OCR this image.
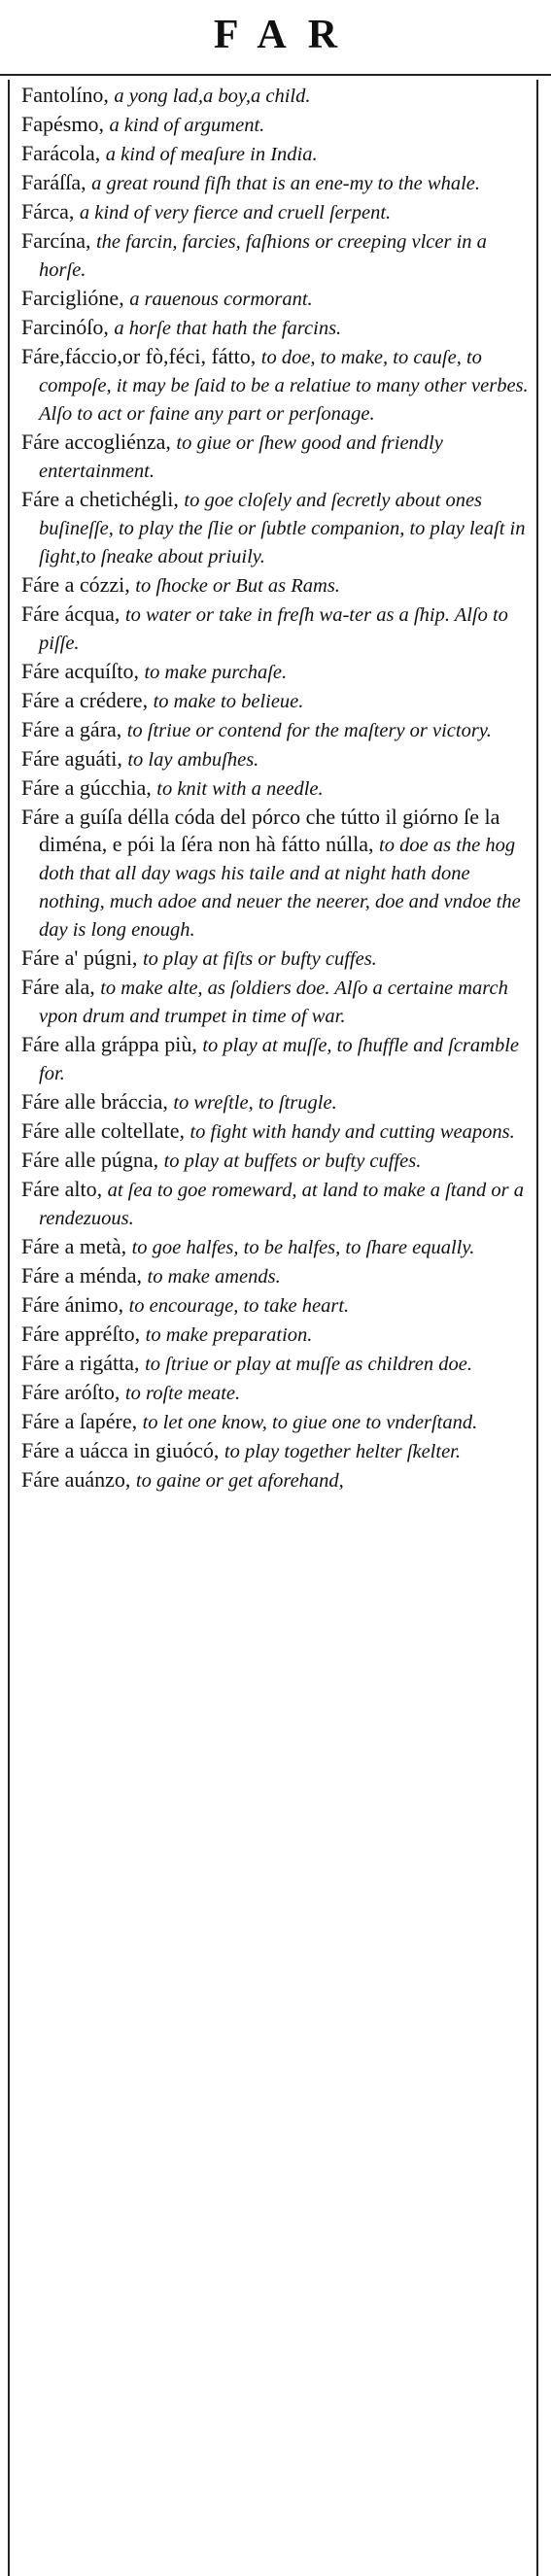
FAR
Fantolíno, a yong lad,a boy,a child.
Fapésmo, a kind of argument.
Farácola, a kind of meaſure in India.
Faráſſa, a great round fiſh that is an ene-my to the whale.
Fárca, a kind of very fierce and cruell ſerpent.
Farcína, the farcin, farcies, faſhions or creeping vlcer in a horſe.
Farciglióne, a rauenous cormorant.
Farcinóſo, a horſe that hath the farcins.
Fáre,fáccio,or fò,féci, fátto, to doe, to make, to cauſe, to compoſe, it may be ſaid to be a relatiue to many other verbes. Alſo to act or faine any part or perſonage.
Fáre accogliénza, to giue or ſhew good and friendly entertainment.
Fáre a chetichégli, to goe cloſely and ſecretly about ones buſineſſe, to play the ſlie or ſubtle companion, to play leaſt in ſight,to ſneake about priuily.
Fáre a cózzi, to ſhocke or But as Rams.
Fáre ácqua, to water or take in freſh wa-ter as a ſhip. Alſo to piſſe.
Fáre acquíſto, to make purchaſe.
Fáre a crédere, to make to belieue.
Fáre a gára, to ſtriue or contend for the maſtery or victory.
Fáre aguáti, to lay ambuſhes.
Fáre a gúcchia, to knit with a needle.
Fáre a guíſa déllа códa del pórco che tútto il giórno ſe la diména, e pói la ſéra non hà fátto núlla, to doe as the hog doth that all day wags his taile and at night hath done nothing, much adoe and neuer the neerer, doe and vndoe the day is long enough.
Fáre a' púgni, to play at fiſts or bufty cuffes.
Fáre ala, to make alte, as ſoldiers doe. Alſo a certaine march vpon drum and trumpet in time of war.
Fáre alla gráppa più, to play at muſſe, to ſhuffle and ſcramble for.
Fáre alle bráccia, to wreſtle, to ſtrugle.
Fáre alle coltellate, to fight with handy and cutting weapons.
Fáre alle púgna, to play at buffets or bufty cuffes.
Fáre alto, at ſea to goe romeward, at land to make a ſtand or a rendezuous.
Fáre a metà, to goe halfes, to be halfes, to ſhare equally.
Fáre a ménda, to make amends.
Fáre ánimo, to encourage, to take heart.
Fáre appréſto, to make preparation.
Fáre a rigátta, to ſtriue or play at muſſe as children doe.
Fáre aróſto, to roſte meate.
Fáre a ſapére, to let one know, to giue one to vnderſtand.
Fáre a uácca in giuócó, to play together helter ſkelter.
Fáre auánzo, to gaine or get aforehand,
